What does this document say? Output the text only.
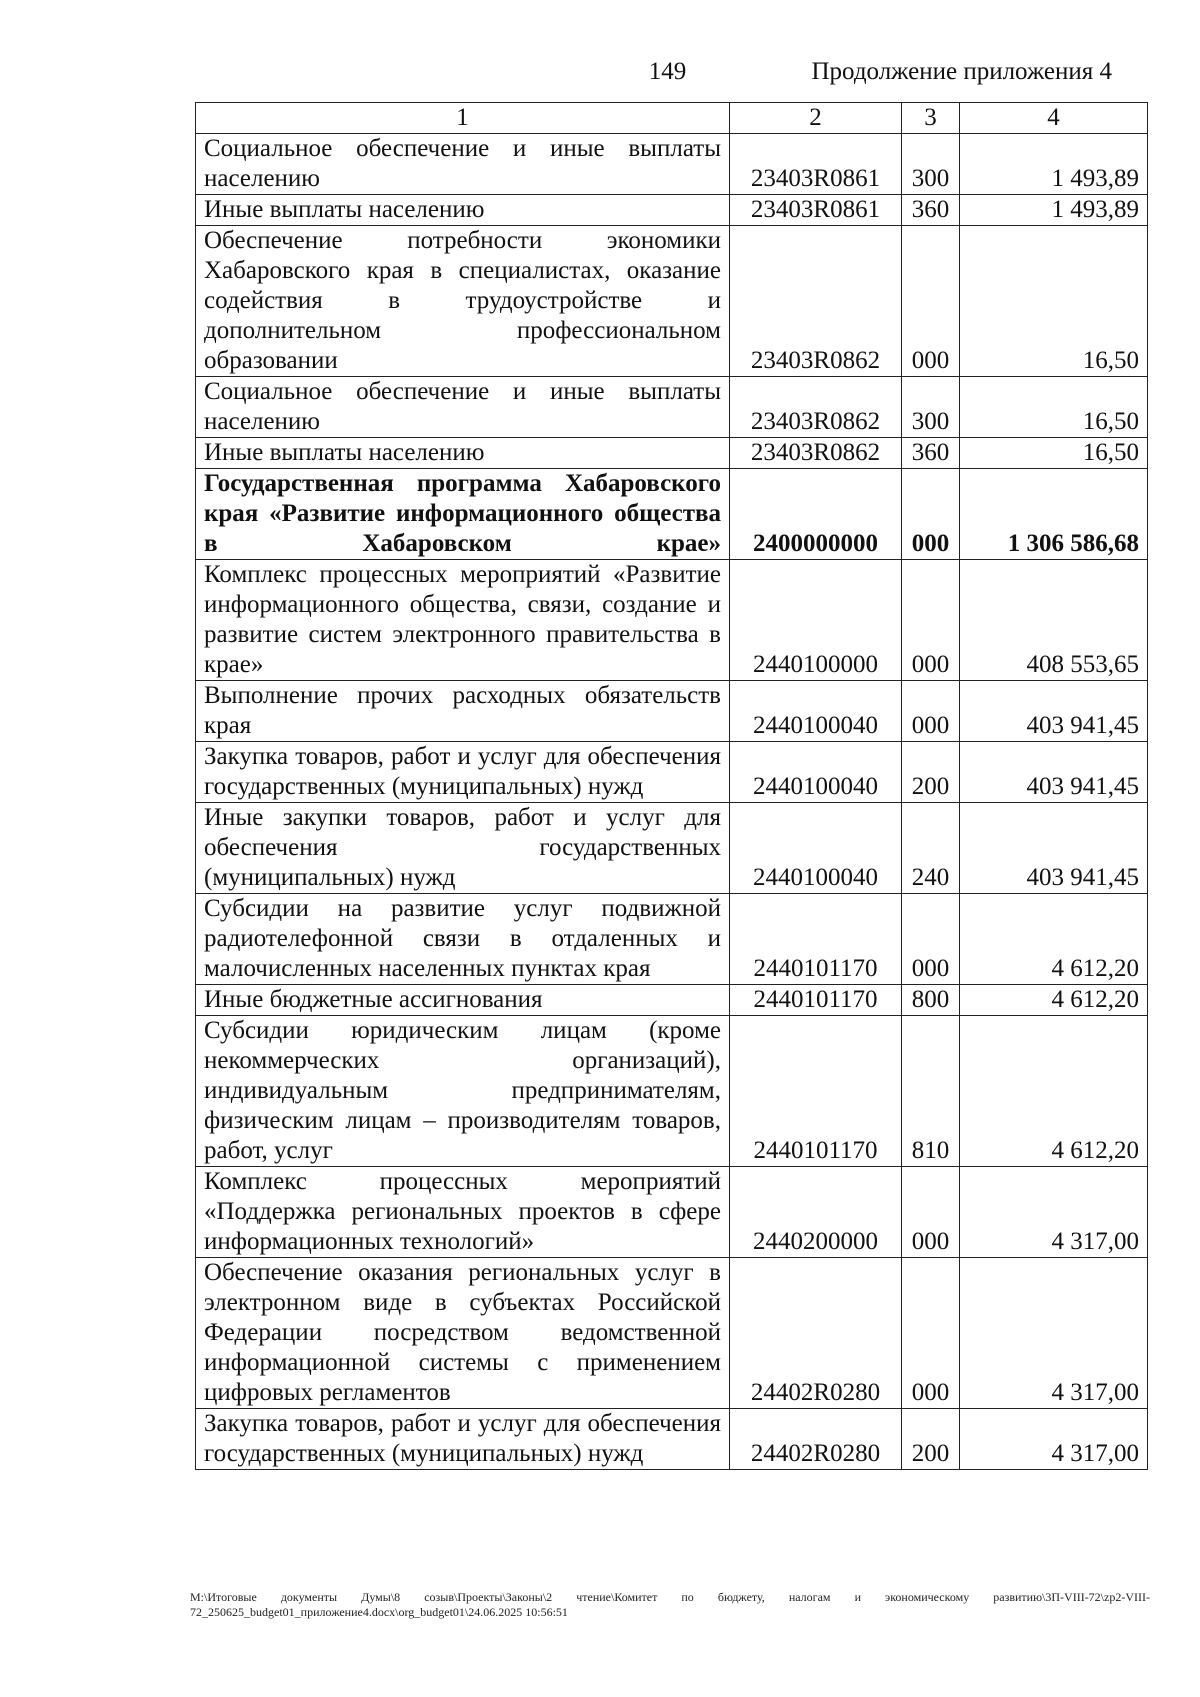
149	Продолжение приложения 4
1	2	3	4
Социальное обеспечение и иные выплаты населению	23403R0861	300	1 493,89
Иные выплаты населению	23403R0861	360	1 493,89
Обеспечение потребности экономики Хабаровского края в специалистах, оказание содействия в трудоустройстве и дополнительном профессиональном образовании	23403R0862	000	16,50
Социальное обеспечение и иные выплаты населению	23403R0862	300	16,50
Иные выплаты населению	23403R0862	360	16,50
Государственная программа Хабаровского края «Развитие информационного общества в Хабаровском крае»	2400000000	000	1 306 586,68
Комплекс процессных мероприятий «Развитие информационного общества, связи, создание и развитие систем электронного правительства в крае»	2440100000	000	408 553,65
Выполнение прочих расходных обязательств края	2440100040	000	403 941,45
Закупка товаров, работ и услуг для обеспечения государственных (муниципальных) нужд	2440100040	200	403 941,45
Иные закупки товаров, работ и услуг для обеспечения государственных (муниципальных) нужд	2440100040	240	403 941,45
Субсидии на развитие услуг подвижной радиотелефонной связи в отдаленных и малочисленных населенных пунктах края	2440101170	000	4 612,20
Иные бюджетные ассигнования	2440101170	800	4 612,20
Субсидии юридическим лицам (кроме некоммерческих организаций), индивидуальным предпринимателям, физическим лицам – производителям товаров, работ, услуг	2440101170	810	4 612,20
Комплекс процессных мероприятий «Поддержка региональных проектов в сфере информационных технологий»	2440200000	000	4 317,00
Обеспечение оказания региональных услуг в электронном виде в субъектах Российской Федерации посредством ведомственной информационной системы с применением цифровых регламентов	24402R0280	000	4 317,00
Закупка товаров, работ и услуг для обеспечения государственных (муниципальных) нужд	24402R0280	200	4 317,00
M:\Итоговые документы Думы\8 созыв\Проекты\Законы\2 чтение\Комитет по бюджету, налогам и экономическому развитию\3П-VIII-72\zp2-VIII-72_250625_budget01_приложение4.docx\org_budget01\24.06.2025 10:56:51
